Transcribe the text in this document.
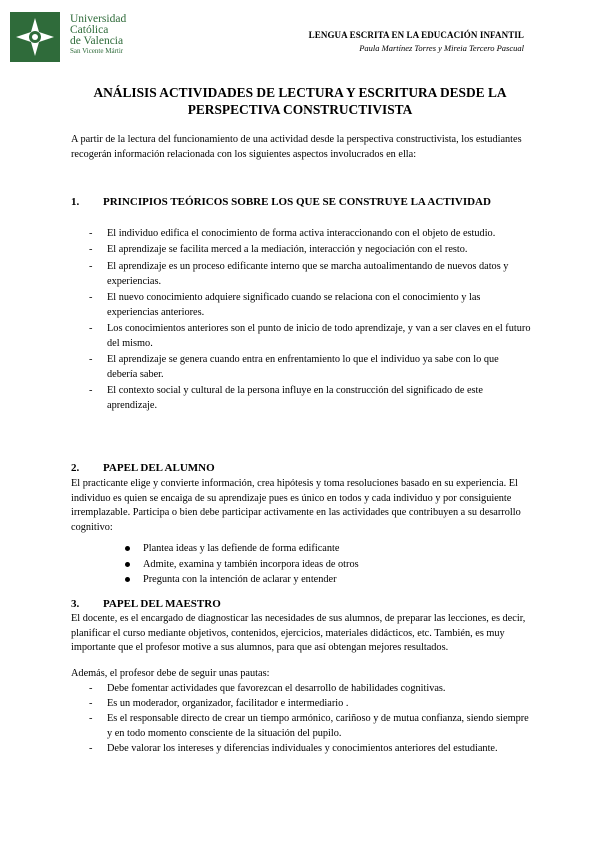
Universidad
Católica
de Valencia
San Vicente Mártir
LENGUA ESCRITA EN LA EDUCACIÓN INFANTIL
Paula Martínez Torres y Mireia Tercero Pascual
ANÁLISIS ACTIVIDADES DE LECTURA Y ESCRITURA DESDE LA
PERSPECTIVA CONSTRUCTIVISTA
A partir de la lectura del funcionamiento de una actividad desde la perspectiva constructivista, los estudiantes recogerán información relacionada con los siguientes aspectos involucrados en ella:
1.	PRINCIPIOS TEÓRICOS SOBRE LOS QUE SE CONSTRUYE LA ACTIVIDAD
- El individuo edifica el conocimiento de forma activa interaccionando con el objeto de estudio.
- El aprendizaje se facilita merced a la mediación, interacción y negociación con el resto.
- El aprendizaje es un proceso edificante interno que se marcha autoalimentando de nuevos datos y experiencias.
- El nuevo conocimiento adquiere significado cuando se relaciona con el conocimiento y las experiencias anteriores.
- Los conocimientos anteriores son el punto de inicio de todo aprendizaje, y van a ser claves en el futuro del mismo.
- El aprendizaje se genera cuando entra en enfrentamiento lo que el individuo ya sabe con lo que debería saber.
- El contexto social y cultural de la persona influye en la construcción del significado de este aprendizaje.
2.	PAPEL DEL ALUMNO
El practicante elige y convierte información, crea hipótesis y toma resoluciones basado en su experiencia. El individuo es quien se encaiga de su aprendizaje pues es único en todos y cada individuo y por consiguiente irremplazable. Participa o bien debe participar activamente en las actividades que contribuyen a su desarrollo cognitivo:
Plantea ideas y las defiende de forma edificante
Admite, examina y también incorpora ideas de otros
Pregunta con la intención de aclarar y entender
3.	PAPEL DEL MAESTRO
El docente, es el encargado de diagnosticar las necesidades de sus alumnos, de preparar las lecciones, es decir, planificar el curso mediante objetivos, contenidos, ejercicios, materiales didácticos, etc. También, es muy importante que el profesor motive a sus alumnos, para que así obtengan mejores resultados.
Además, el profesor debe de seguir unas pautas:
- Debe fomentar actividades que favorezcan el desarrollo de habilidades cognitivas.
- Es un moderador, organizador, facilitador e intermediario .
- Es el responsable directo de crear un tiempo armónico, cariñoso y de mutua confianza, siendo siempre y en todo momento consciente de la situación del pupilo.
- Debe valorar los intereses y diferencias individuales y conocimientos anteriores del estudiante.
